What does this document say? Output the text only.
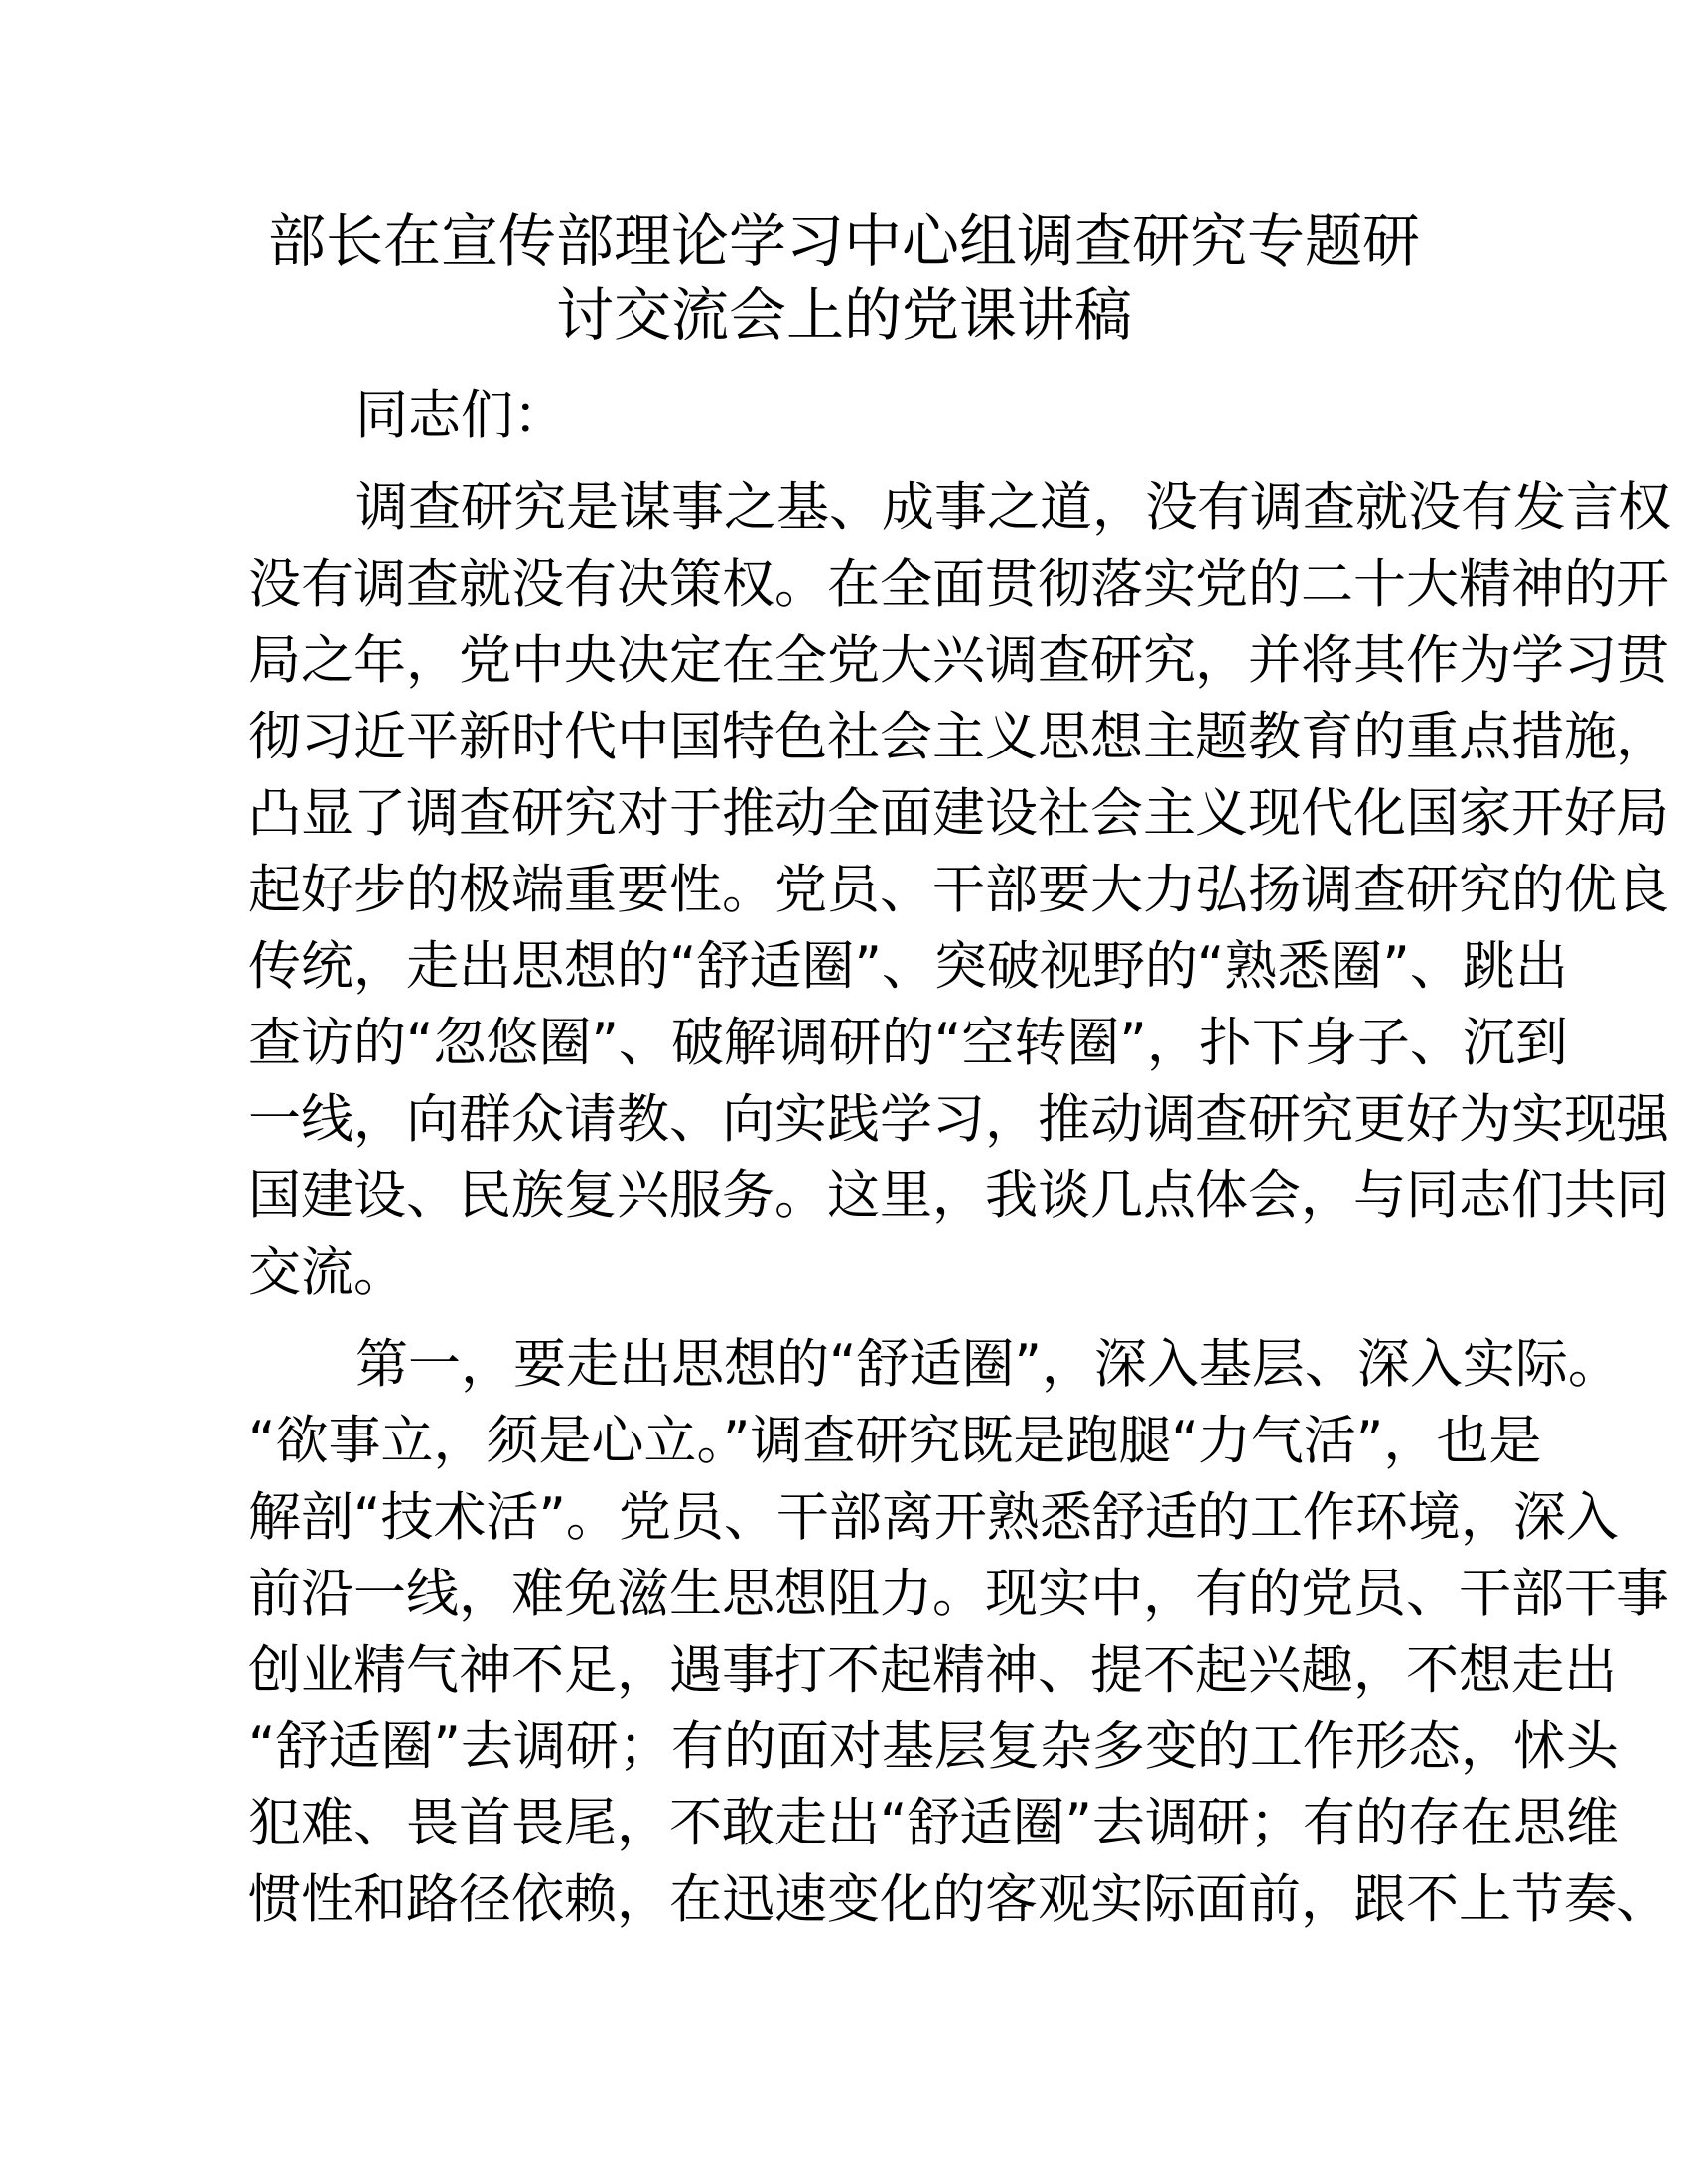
部长在宣传部理论学习中心组调查研究专题研
讨交流会上的党课讲稿
同志们：
调查研究是谋事之基、成事之道，没有调查就没有发言权
没有调查就没有决策权。在全面贯彻落实党的二十大精神的开
局之年，党中央决定在全党大兴调查研究，并将其作为学习贯
彻习近平新时代中国特色社会主义思想主题教育的重点措施，
凸显了调查研究对于推动全面建设社会主义现代化国家开好局
起好步的极端重要性。党员、干部要大力弘扬调查研究的优良
传统，走出思想的“舒适圈”、突破视野的“熟悉圈”、跳出
查访的“忽悠圈”、破解调研的“空转圈”，扑下身子、沉到
一线，向群众请教、向实践学习，推动调查研究更好为实现强
国建设、民族复兴服务。这里，我谈几点体会，与同志们共同
交流。
第一，要走出思想的“舒适圈”，深入基层、深入实际。
“欲事立，须是心立。”调查研究既是跑腿“力气活”，也是
解剖“技术活”。党员、干部离开熟悉舒适的工作环境，深入
前沿一线，难免滋生思想阻力。现实中，有的党员、干部干事
创业精气神不足，遇事打不起精神、提不起兴趣，不想走出
“舒适圈”去调研；有的面对基层复杂多变的工作形态，怵头
犯难、畏首畏尾，不敢走出“舒适圈”去调研；有的存在思维
惯性和路径依赖，在迅速变化的客观实际面前，跟不上节奏、
